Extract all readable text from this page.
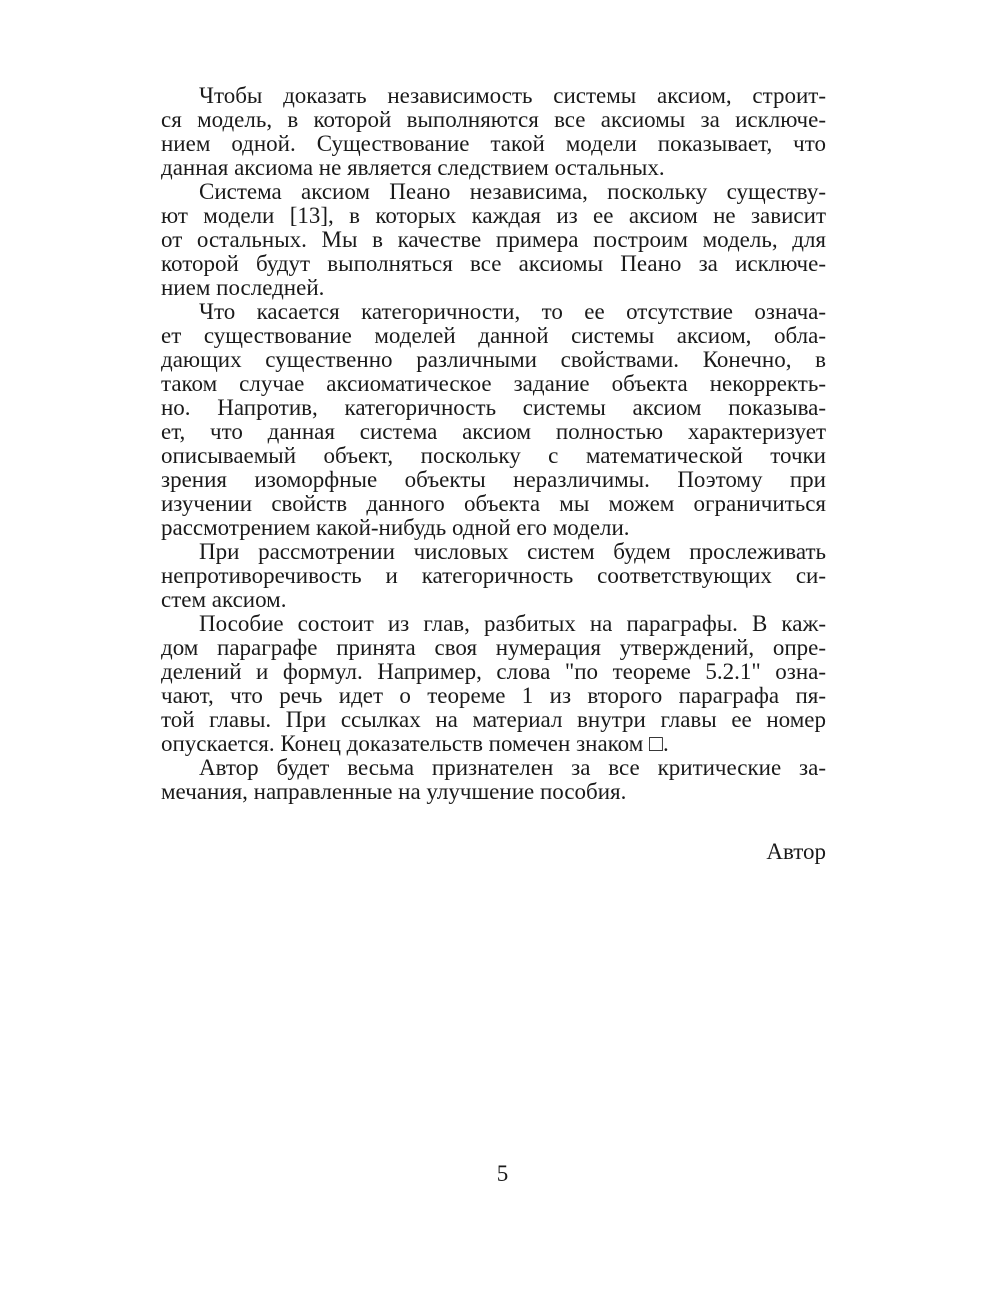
Чтобы доказать независимость системы аксиом, строит-
ся модель, в которой выполняются все аксиомы за исключе-
нием одной. Существование такой модели показывает, что
данная аксиома не является следствием остальных.
Система аксиом Пеано независима, поскольку существу-
ют модели [13], в которых каждая из ее аксиом не зависит
от остальных. Мы в качестве примера построим модель, для
которой будут выполняться все аксиомы Пеано за исключе-
нием последней.
Что касается категоричности, то ее отсутствие означа-
ет существование моделей данной системы аксиом, обла-
дающих существенно различными свойствами. Конечно, в
таком случае аксиоматическое задание объекта некорректь-
но. Напротив, категоричность системы аксиом показыва-
ет, что данная система аксиом полностью характеризует
описываемый объект, поскольку с математической точки
зрения изоморфные объекты неразличимы. Поэтому при
изучении свойств данного объекта мы можем ограничиться
рассмотрением какой-нибудь одной его модели.
При рассмотрении числовых систем будем прослеживать
непротиворечивость и категоричность соответствующих си-
стем аксиом.
Пособие состоит из глав, разбитых на параграфы. В каж-
дом параграфе принята своя нумерация утверждений, опре-
делений и формул. Например, слова "по теореме 5.2.1" озна-
чают, что речь идет о теореме 1 из второго параграфа пя-
той главы. При ссылках на материал внутри главы ее номер
опускается. Конец доказательств помечен знаком □.
Автор будет весьма признателен за все критические за-
мечания, направленные на улучшение пособия.
Автор
5
